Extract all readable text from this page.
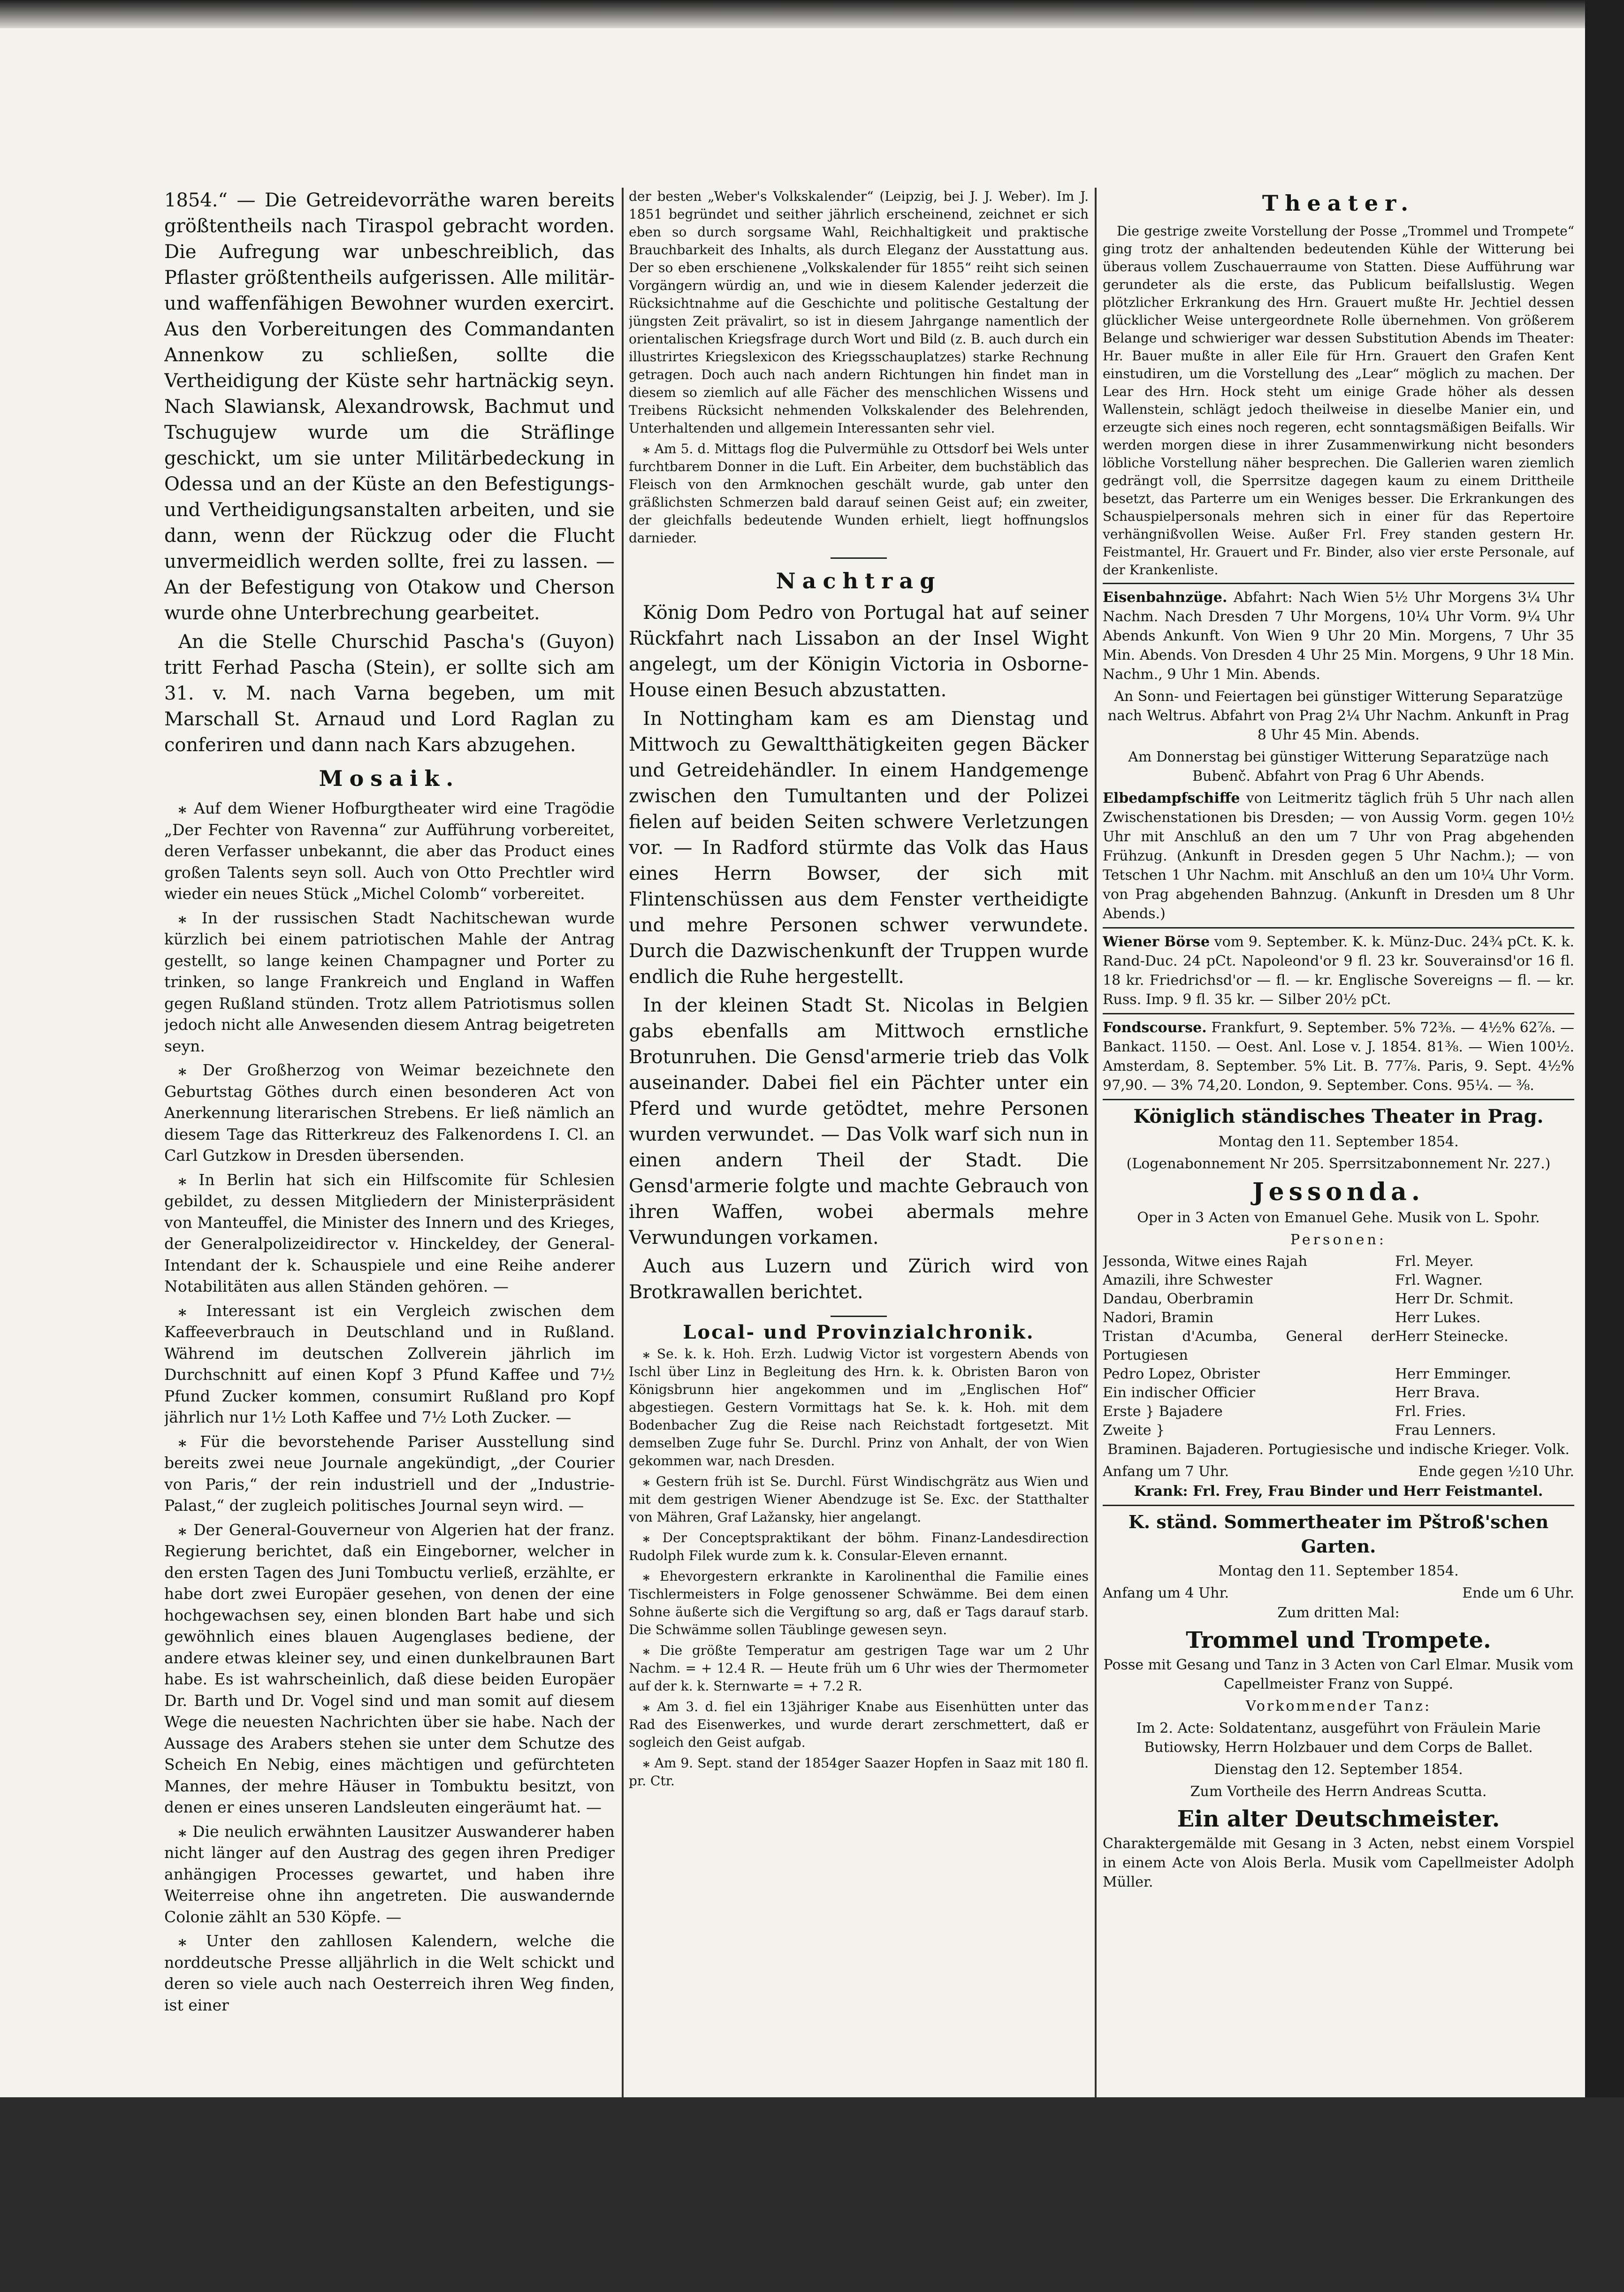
1854.“ — Die Getreidevorräthe waren bereits größtentheils nach Tiraspol gebracht worden. Die Aufregung war unbeschreiblich, das Pflaster größtentheils aufgerissen. Alle militär- und waffenfähigen Bewohner wurden exercirt. Aus den Vorbereitungen des Commandanten Annenkow zu schließen, sollte die Vertheidigung der Küste sehr hartnäckig seyn. Nach Slawiansk, Alexandrowsk, Bachmut und Tschugujew wurde um die Sträflinge geschickt, um sie unter Militärbedeckung in Odessa und an der Küste an den Befestigungs- und Vertheidigungsanstalten arbeiten, und sie dann, wenn der Rückzug oder die Flucht unvermeidlich werden sollte, frei zu lassen. — An der Befestigung von Otakow und Cherson wurde ohne Unterbrechung gearbeitet.

An die Stelle Churschid Pascha's (Guyon) tritt Ferhad Pascha (Stein), er sollte sich am 31. v. M. nach Varna begeben, um mit Marschall St. Arnaud und Lord Raglan zu conferiren und dann nach Kars abzugehen.

Mosaik.

⁎ Auf dem Wiener Hofburgtheater wird eine Tragödie „Der Fechter von Ravenna“ zur Aufführung vorbereitet, deren Verfasser unbekannt, die aber das Product eines großen Talents seyn soll. Auch von Otto Prechtler wird wieder ein neues Stück „Michel Colomb“ vorbereitet.

⁎ In der russischen Stadt Nachitschewan wurde kürzlich bei einem patriotischen Mahle der Antrag gestellt, so lange keinen Champagner und Porter zu trinken, so lange Frankreich und England in Waffen gegen Rußland stünden. Trotz allem Patriotismus sollen jedoch nicht alle Anwesenden diesem Antrag beigetreten seyn.

⁎ Der Großherzog von Weimar bezeichnete den Geburtstag Göthes durch einen besonderen Act von Anerkennung literarischen Strebens. Er ließ nämlich an diesem Tage das Ritterkreuz des Falkenordens I. Cl. an Carl Gutzkow in Dresden übersenden.

⁎ In Berlin hat sich ein Hilfscomite für Schlesien gebildet, zu dessen Mitgliedern der Ministerpräsident von Manteuffel, die Minister des Innern und des Krieges, der Generalpolizeidirector v. Hinckeldey, der General-Intendant der k. Schauspiele und eine Reihe anderer Notabilitäten aus allen Ständen gehören. —

⁎ Interessant ist ein Vergleich zwischen dem Kaffeeverbrauch in Deutschland und in Rußland. Während im deutschen Zollverein jährlich im Durchschnitt auf einen Kopf 3 Pfund Kaffee und 7½ Pfund Zucker kommen, consumirt Rußland pro Kopf jährlich nur 1½ Loth Kaffee und 7½ Loth Zucker. —

⁎ Für die bevorstehende Pariser Ausstellung sind bereits zwei neue Journale angekündigt, „der Courier von Paris,“ der rein industriell und der „Industrie-Palast,“ der zugleich politisches Journal seyn wird. —

⁎ Der General-Gouverneur von Algerien hat der franz. Regierung berichtet, daß ein Eingeborner, welcher in den ersten Tagen des Juni Tombuctu verließ, erzählte, er habe dort zwei Europäer gesehen, von denen der eine hochgewachsen sey, einen blonden Bart habe und sich gewöhnlich eines blauen Augenglases bediene, der andere etwas kleiner sey, und einen dunkelbraunen Bart habe. Es ist wahrscheinlich, daß diese beiden Europäer Dr. Barth und Dr. Vogel sind und man somit auf diesem Wege die neuesten Nachrichten über sie habe. Nach der Aussage des Arabers stehen sie unter dem Schutze des Scheich En Nebig, eines mächtigen und gefürchteten Mannes, der mehre Häuser in Tombuktu besitzt, von denen er eines unseren Landsleuten eingeräumt hat. —

⁎ Die neulich erwähnten Lausitzer Auswanderer haben nicht länger auf den Austrag des gegen ihren Prediger anhängigen Processes gewartet, und haben ihre Weiterreise ohne ihn angetreten. Die auswandernde Colonie zählt an 530 Köpfe. —

⁎ Unter den zahllosen Kalendern, welche die norddeutsche Presse alljährlich in die Welt schickt und deren so viele auch nach Oesterreich ihren Weg finden, ist einer

der besten „Weber's Volkskalender“ (Leipzig, bei J. J. Weber). Im J. 1851 begründet und seither jährlich erscheinend, zeichnet er sich eben so durch sorgsame Wahl, Reichhaltigkeit und praktische Brauchbarkeit des Inhalts, als durch Eleganz der Ausstattung aus. Der so eben erschienene „Volkskalender für 1855“ reiht sich seinen Vorgängern würdig an, und wie in diesem Kalender jederzeit die Rücksichtnahme auf die Geschichte und politische Gestaltung der jüngsten Zeit prävalirt, so ist in diesem Jahrgange namentlich der orientalischen Kriegsfrage durch Wort und Bild (z. B. auch durch ein illustrirtes Kriegslexicon des Kriegsschauplatzes) starke Rechnung getragen. Doch auch nach andern Richtungen hin findet man in diesem so ziemlich auf alle Fächer des menschlichen Wissens und Treibens Rücksicht nehmenden Volkskalender des Belehrenden, Unterhaltenden und allgemein Interessanten sehr viel.

⁎ Am 5. d. Mittags flog die Pulvermühle zu Ottsdorf bei Wels unter furchtbarem Donner in die Luft. Ein Arbeiter, dem buchstäblich das Fleisch von den Armknochen geschält wurde, gab unter den gräßlichsten Schmerzen bald darauf seinen Geist auf; ein zweiter, der gleichfalls bedeutende Wunden erhielt, liegt hoffnungslos darnieder.

Nachtrag

König Dom Pedro von Portugal hat auf seiner Rückfahrt nach Lissabon an der Insel Wight angelegt, um der Königin Victoria in Osborne-House einen Besuch abzustatten.

In Nottingham kam es am Dienstag und Mittwoch zu Gewaltthätigkeiten gegen Bäcker und Getreidehändler. In einem Handgemenge zwischen den Tumultanten und der Polizei fielen auf beiden Seiten schwere Verletzungen vor. — In Radford stürmte das Volk das Haus eines Herrn Bowser, der sich mit Flintenschüssen aus dem Fenster vertheidigte und mehre Personen schwer verwundete. Durch die Dazwischenkunft der Truppen wurde endlich die Ruhe hergestellt.

In der kleinen Stadt St. Nicolas in Belgien gabs ebenfalls am Mittwoch ernstliche Brotunruhen. Die Gensd'armerie trieb das Volk auseinander. Dabei fiel ein Pächter unter ein Pferd und wurde getödtet, mehre Personen wurden verwundet. — Das Volk warf sich nun in einen andern Theil der Stadt. Die Gensd'armerie folgte und machte Gebrauch von ihren Waffen, wobei abermals mehre Verwundungen vorkamen.

Auch aus Luzern und Zürich wird von Brotkrawallen berichtet.

Local- und Provinzialchronik.

⁎ Se. k. k. Hoh. Erzh. Ludwig Victor ist vorgestern Abends von Ischl über Linz in Begleitung des Hrn. k. k. Obristen Baron von Königsbrunn hier angekommen und im „Englischen Hof“ abgestiegen. Gestern Vormittags hat Se. k. k. Hoh. mit dem Bodenbacher Zug die Reise nach Reichstadt fortgesetzt. Mit demselben Zuge fuhr Se. Durchl. Prinz von Anhalt, der von Wien gekommen war, nach Dresden.

⁎ Gestern früh ist Se. Durchl. Fürst Windischgrätz aus Wien und mit dem gestrigen Wiener Abendzuge ist Se. Exc. der Statthalter von Mähren, Graf Lažansky, hier angelangt.

⁎ Der Conceptspraktikant der böhm. Finanz-Landesdirection Rudolph Filek wurde zum k. k. Consular-Eleven ernannt.

⁎ Ehevorgestern erkrankte in Karolinenthal die Familie eines Tischlermeisters in Folge genossener Schwämme. Bei dem einen Sohne äußerte sich die Vergiftung so arg, daß er Tags darauf starb. Die Schwämme sollen Täublinge gewesen seyn.

⁎ Die größte Temperatur am gestrigen Tage war um 2 Uhr Nachm. = + 12.4 R. — Heute früh um 6 Uhr wies der Thermometer auf der k. k. Sternwarte = + 7.2 R.

⁎ Am 3. d. fiel ein 13jähriger Knabe aus Eisenhütten unter das Rad des Eisenwerkes, und wurde derart zerschmettert, daß er sogleich den Geist aufgab.

⁎ Am 9. Sept. stand der 1854ger Saazer Hopfen in Saaz mit 180 fl. pr. Ctr.

Theater.

Die gestrige zweite Vorstellung der Posse „Trommel und Trompete“ ging trotz der anhaltenden bedeutenden Kühle der Witterung bei überaus vollem Zuschauerraume von Statten. Diese Aufführung war gerundeter als die erste, das Publicum beifallslustig. Wegen plötzlicher Erkrankung des Hrn. Grauert mußte Hr. Jechtiel dessen glücklicher Weise untergeordnete Rolle übernehmen. Von größerem Belange und schwieriger war dessen Substitution Abends im Theater: Hr. Bauer mußte in aller Eile für Hrn. Grauert den Grafen Kent einstudiren, um die Vorstellung des „Lear“ möglich zu machen. Der Lear des Hrn. Hock steht um einige Grade höher als dessen Wallenstein, schlägt jedoch theilweise in dieselbe Manier ein, und erzeugte sich eines noch regeren, echt sonntagsmäßigen Beifalls. Wir werden morgen diese in ihrer Zusammenwirkung nicht besonders löbliche Vorstellung näher besprechen. Die Gallerien waren ziemlich gedrängt voll, die Sperrsitze dagegen kaum zu einem Drittheile besetzt, das Parterre um ein Weniges besser. Die Erkrankungen des Schauspielpersonals mehren sich in einer für das Repertoire verhängnißvollen Weise. Außer Frl. Frey standen gestern Hr. Feistmantel, Hr. Grauert und Fr. Binder, also vier erste Personale, auf der Krankenliste.

Eisenbahnzüge. Abfahrt: Nach Wien 5½ Uhr Morgens 3¼ Uhr Nachm. Nach Dresden 7 Uhr Morgens, 10¼ Uhr Vorm. 9¼ Uhr Abends Ankunft. Von Wien 9 Uhr 20 Min. Morgens, 7 Uhr 35 Min. Abends. Von Dresden 4 Uhr 25 Min. Morgens, 9 Uhr 18 Min. Nachm., 9 Uhr 1 Min. Abends.

An Sonn- und Feiertagen bei günstiger Witterung Separatzüge nach Weltrus. Abfahrt von Prag 2¼ Uhr Nachm. Ankunft in Prag 8 Uhr 45 Min. Abends.

Am Donnerstag bei günstiger Witterung Separatzüge nach Bubenč. Abfahrt von Prag 6 Uhr Abends.

Elbedampfschiffe von Leitmeritz täglich früh 5 Uhr nach allen Zwischenstationen bis Dresden; — von Aussig Vorm. gegen 10½ Uhr mit Anschluß an den um 7 Uhr von Prag abgehenden Frühzug. (Ankunft in Dresden gegen 5 Uhr Nachm.); — von Tetschen 1 Uhr Nachm. mit Anschluß an den um 10¼ Uhr Vorm. von Prag abgehenden Bahnzug. (Ankunft in Dresden um 8 Uhr Abends.)

Wiener Börse vom 9. September. K. k. Münz-Duc. 24¾ pCt. K. k. Rand-Duc. 24 pCt. Napoleond'or 9 fl. 23 kr. Souverainsd'or 16 fl. 18 kr. Friedrichsd'or — fl. — kr. Englische Sovereigns — fl. — kr. Russ. Imp. 9 fl. 35 kr. — Silber 20½ pCt.

Fondscourse. Frankfurt, 9. September. 5% 72⅜. — 4½% 62⅞. — Bankact. 1150. — Oest. Anl. Lose v. J. 1854. 81⅜. — Wien 100½. Amsterdam, 8. September. 5% Lit. B. 77⅞. Paris, 9. Sept. 4½% 97,90. — 3% 74,20. London, 9. September. Cons. 95¼. — ⅜.

Königlich ständisches Theater in Prag.

Montag den 11. September 1854.

(Logenabonnement Nr 205. Sperrsitzabonnement Nr. 227.)

Jessonda.

Oper in 3 Acten von Emanuel Gehe. Musik von L. Spohr.

Personen:

Jessonda, Witwe eines Rajah	Frl. Meyer.
Amazili, ihre Schwester	Frl. Wagner.
Dandau, Oberbramin	Herr Dr. Schmit.
Nadori, Bramin	Herr Lukes.
Tristan d'Acumba, General der Portugiesen	Herr Steinecke.
Pedro Lopez, Obrister	Herr Emminger.
Ein indischer Officier	Herr Brava.
Erste } Bajadere	Frl. Fries.
Zweite }	Frau Lenners.

Braminen. Bajaderen. Portugiesische und indische Krieger. Volk.

Anfang um 7 Uhr.	Ende gegen ½10 Uhr.

Krank: Frl. Frey, Frau Binder und Herr Feistmantel.

K. ständ. Sommertheater im Pštroß'schen Garten.

Montag den 11. September 1854.

Anfang um 4 Uhr.	Ende um 6 Uhr.

Zum dritten Mal:

Trommel und Trompete.

Posse mit Gesang und Tanz in 3 Acten von Carl Elmar. Musik vom Capellmeister Franz von Suppé.

Vorkommender Tanz:

Im 2. Acte: Soldatentanz, ausgeführt von Fräulein Marie Butiowsky, Herrn Holzbauer und dem Corps de Ballet.

Dienstag den 12. September 1854.

Zum Vortheile des Herrn Andreas Scutta.

Ein alter Deutschmeister.

Charaktergemälde mit Gesang in 3 Acten, nebst einem Vorspiel in einem Acte von Alois Berla. Musik vom Capellmeister Adolph Müller.
